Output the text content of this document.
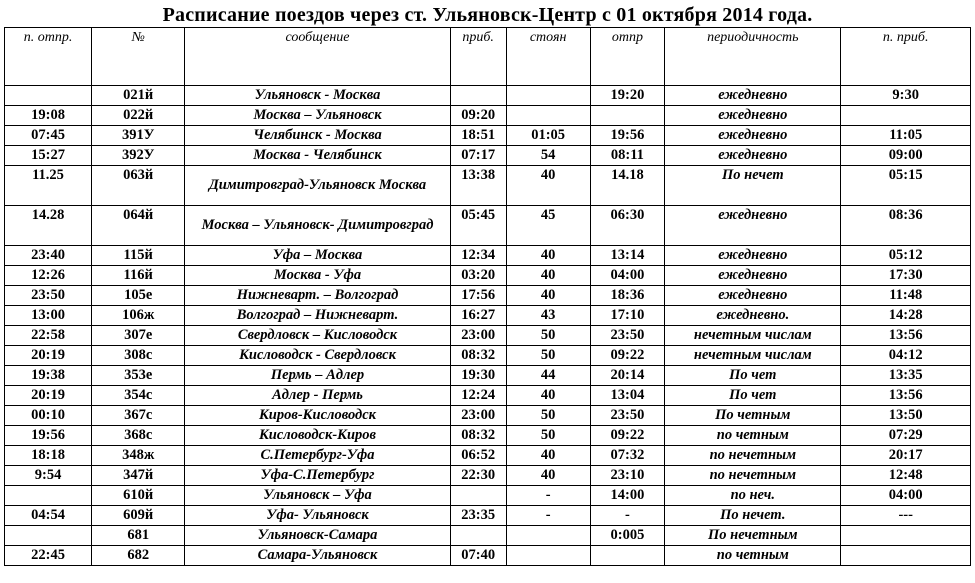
Расписание поездов через ст. Ульяновск-Центр с 01 октября 2014 года.
п. отпр.	№	сообщение	приб.	стоян	отпр	периодичность	п. приб.
	021й	Ульяновск - Москва			19:20	ежедневно	9:30
19:08	022й	Москва – Ульяновск	09:20			ежедневно	
07:45	391У	Челябинск - Москва	18:51	01:05	19:56	ежедневно	11:05
15:27	392У	Москва - Челябинск	07:17	54	08:11	ежедневно	09:00
11.25	063й	Димитровград-Ульяновск Москва	13:38	40	14.18	По нечет	05:15
14.28	064й	Москва – Ульяновск- Димитровград	05:45	45	06:30	ежедневно	08:36
23:40	115й	Уфа – Москва	12:34	40	13:14	ежедневно	05:12
12:26	116й	Москва - Уфа	03:20	40	04:00	ежедневно	17:30
23:50	105е	Нижневарт. – Волгоград	17:56	40	18:36	ежедневно	11:48
13:00	106ж	Волгоград – Нижневарт.	16:27	43	17:10	ежедневно.	14:28
22:58	307е	Свердловск – Кисловодск	23:00	50	23:50	нечетным числам	13:56
20:19	308с	Кисловодск - Свердловск	08:32	50	09:22	нечетным числам	04:12
19:38	353е	Пермь – Адлер	19:30	44	20:14	По чет	13:35
20:19	354с	Адлер - Пермь	12:24	40	13:04	По чет	13:56
00:10	367с	Киров-Кисловодск	23:00	50	23:50	По четным	13:50
19:56	368с	Кисловодск-Киров	08:32	50	09:22	по четным	07:29
18:18	348ж	С.Петербург-Уфа	06:52	40	07:32	по нечетным	20:17
9:54	347й	Уфа-С.Петербург	22:30	40	23:10	по нечетным	12:48
	610й	Ульяновск – Уфа		-	14:00	по неч.	04:00
04:54	609й	Уфа- Ульяновск	23:35	-	-	По нечет.	---
	681	Ульяновск-Самара			0:005	По нечетным	
22:45	682	Самара-Ульяновск	07:40			по четным	
